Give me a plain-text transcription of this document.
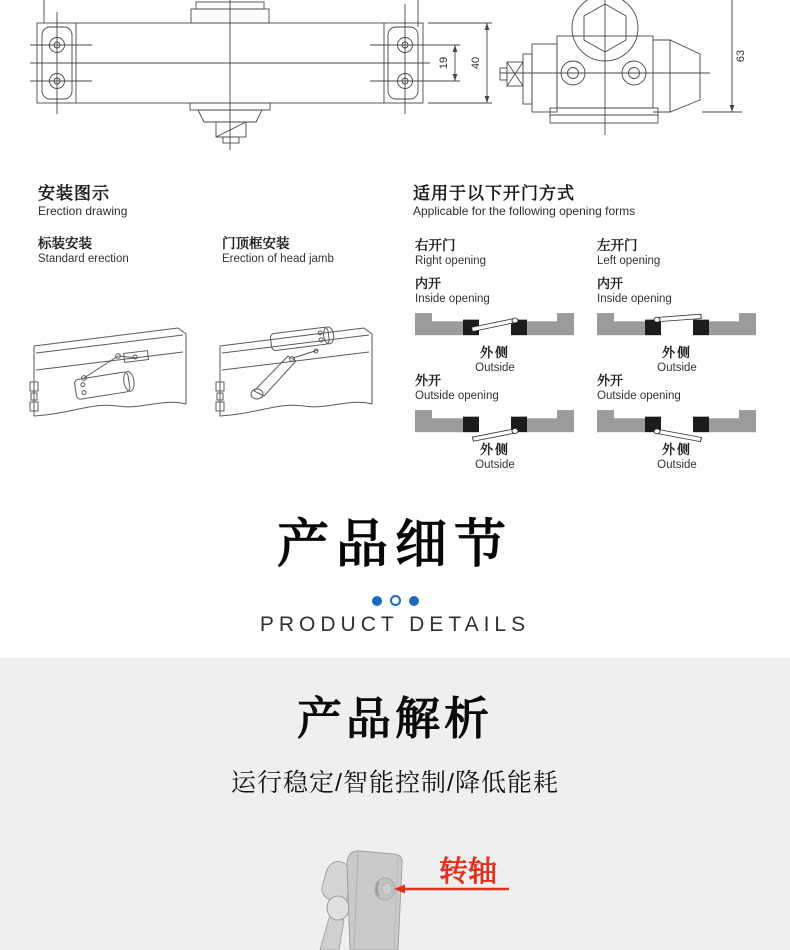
19 40
63
安装图示
Erection drawing
标装安装
Standard erection
门顶框安装
Erection of head jamb
适用于以下开门方式
Applicable for the following opening forms
右开门
Right opening
左开门
Left opening
内开
Inside opening
外侧
Outside
内开
Inside opening
外侧
Outside
外开
Outside opening
外侧
Outside
外开
Outside opening
外侧
Outside
产品细节
PRODUCT DETAILS
产品解析
运行稳定/智能控制/降低能耗
转轴
